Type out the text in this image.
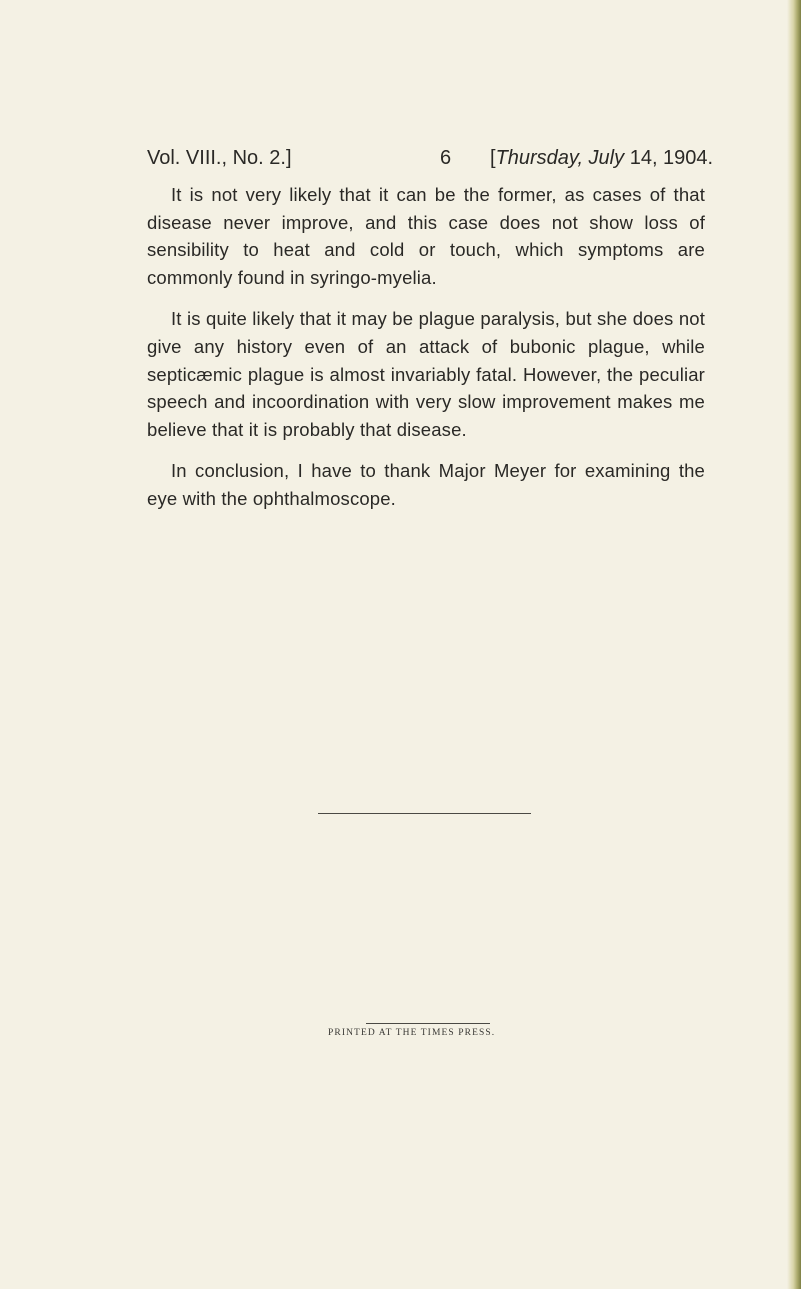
Vol. VIII., No. 2.]	6 [Thursday, July 14, 1904.

It is not very likely that it can be the former, as cases of that disease never improve, and this case does not show loss of sensibility to heat and cold or touch, which symptoms are commonly found in syringo-myelia.

It is quite likely that it may be plague paralysis, but she does not give any history even of an attack of bubonic plague, while septicæmic plague is almost invariably fatal. However, the peculiar speech and incoordination with very slow improvement makes me believe that it is probably that disease.

In conclusion, I have to thank Major Meyer for examining the eye with the ophthalmoscope.

PRINTED AT THE TIMES PRESS.
